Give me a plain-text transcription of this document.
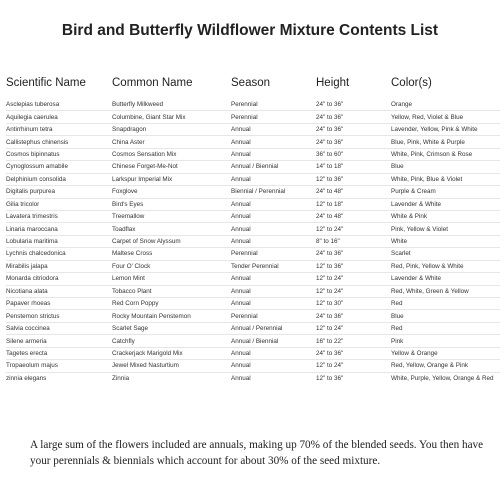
Bird and Butterfly Wildflower Mixture Contents List
Scientific Name	Common Name	Season	Height	Color(s)
Asclepias tuberosa	Butterfly Milkweed	Perennial	24" to 36"	Orange
Aquilegia caerulea	Columbine, Giant Star Mix	Perennial	24" to 36"	Yellow, Red, Violet & Blue
Antirrhinum tetra	Snapdragon	Annual	24" to 36"	Lavender, Yellow, Pink & White
Callistephus chinensis	China Aster	Annual	24" to 36"	Blue, Pink, White & Purple
Cosmos bipinnatus	Cosmos Sensation Mix	Annual	36" to 60"	White, Pink, Crimson & Rose
Cynoglossum amabile	Chinese Forget-Me-Not	Annual / Biennial	14" to 18"	Blue
Delphinium consolida	Larkspur Imperial Mix	Annual	12" to 36"	White, Pink, Blue & Violet
Digitalis purpurea	Foxglove	Biennial / Perennial	24" to 48"	Purple & Cream
Gilia tricolor	Bird's Eyes	Annual	12" to 18"	Lavender & White
Lavatera trimestris	Treemallow	Annual	24" to 48"	White & Pink
Linaria maroccana	Toadflax	Annual	12" to 24"	Pink, Yellow & Violet
Lobularia maritima	Carpet of Snow Alyssum	Annual	8" to 16"	White
Lychnis chalcedonica	Maltese Cross	Perennial	24" to 36"	Scarlet
Mirabilis jalapa	Four O' Clock	Tender Perennial	12" to 36"	Red, Pink, Yellow & White
Monarda citriodora	Lemon Mint	Annual	12" to 24"	Lavender & White
Nicotiana alata	Tobacco Plant	Annual	12" to 24"	Red, White, Green & Yellow
Papaver rhoeas	Red Corn Poppy	Annual	12" to 30"	Red
Penstemon strictus	Rocky Mountain Penstemon	Perennial	24" to 36"	Blue
Salvia coccinea	Scarlet Sage	Annual / Perennial	12" to 24"	Red
Silene armeria	Catchfly	Annual / Biennial	16" to 22"	Pink
Tagetes erecta	Crackerjack Marigold Mix	Annual	24" to 36"	Yellow & Orange
Tropaeolum majus	Jewel Mixed Nasturtium	Annual	12" to 24"	Red, Yellow, Orange & Pink
zinnia elegans	Zinnia	Annual	12" to 36"	White, Purple, Yellow, Orange & Red
A large sum of the flowers included are annuals, making up 70% of the blended seeds. You then have your perennials & biennials which account for about 30% of the seed mixture.
